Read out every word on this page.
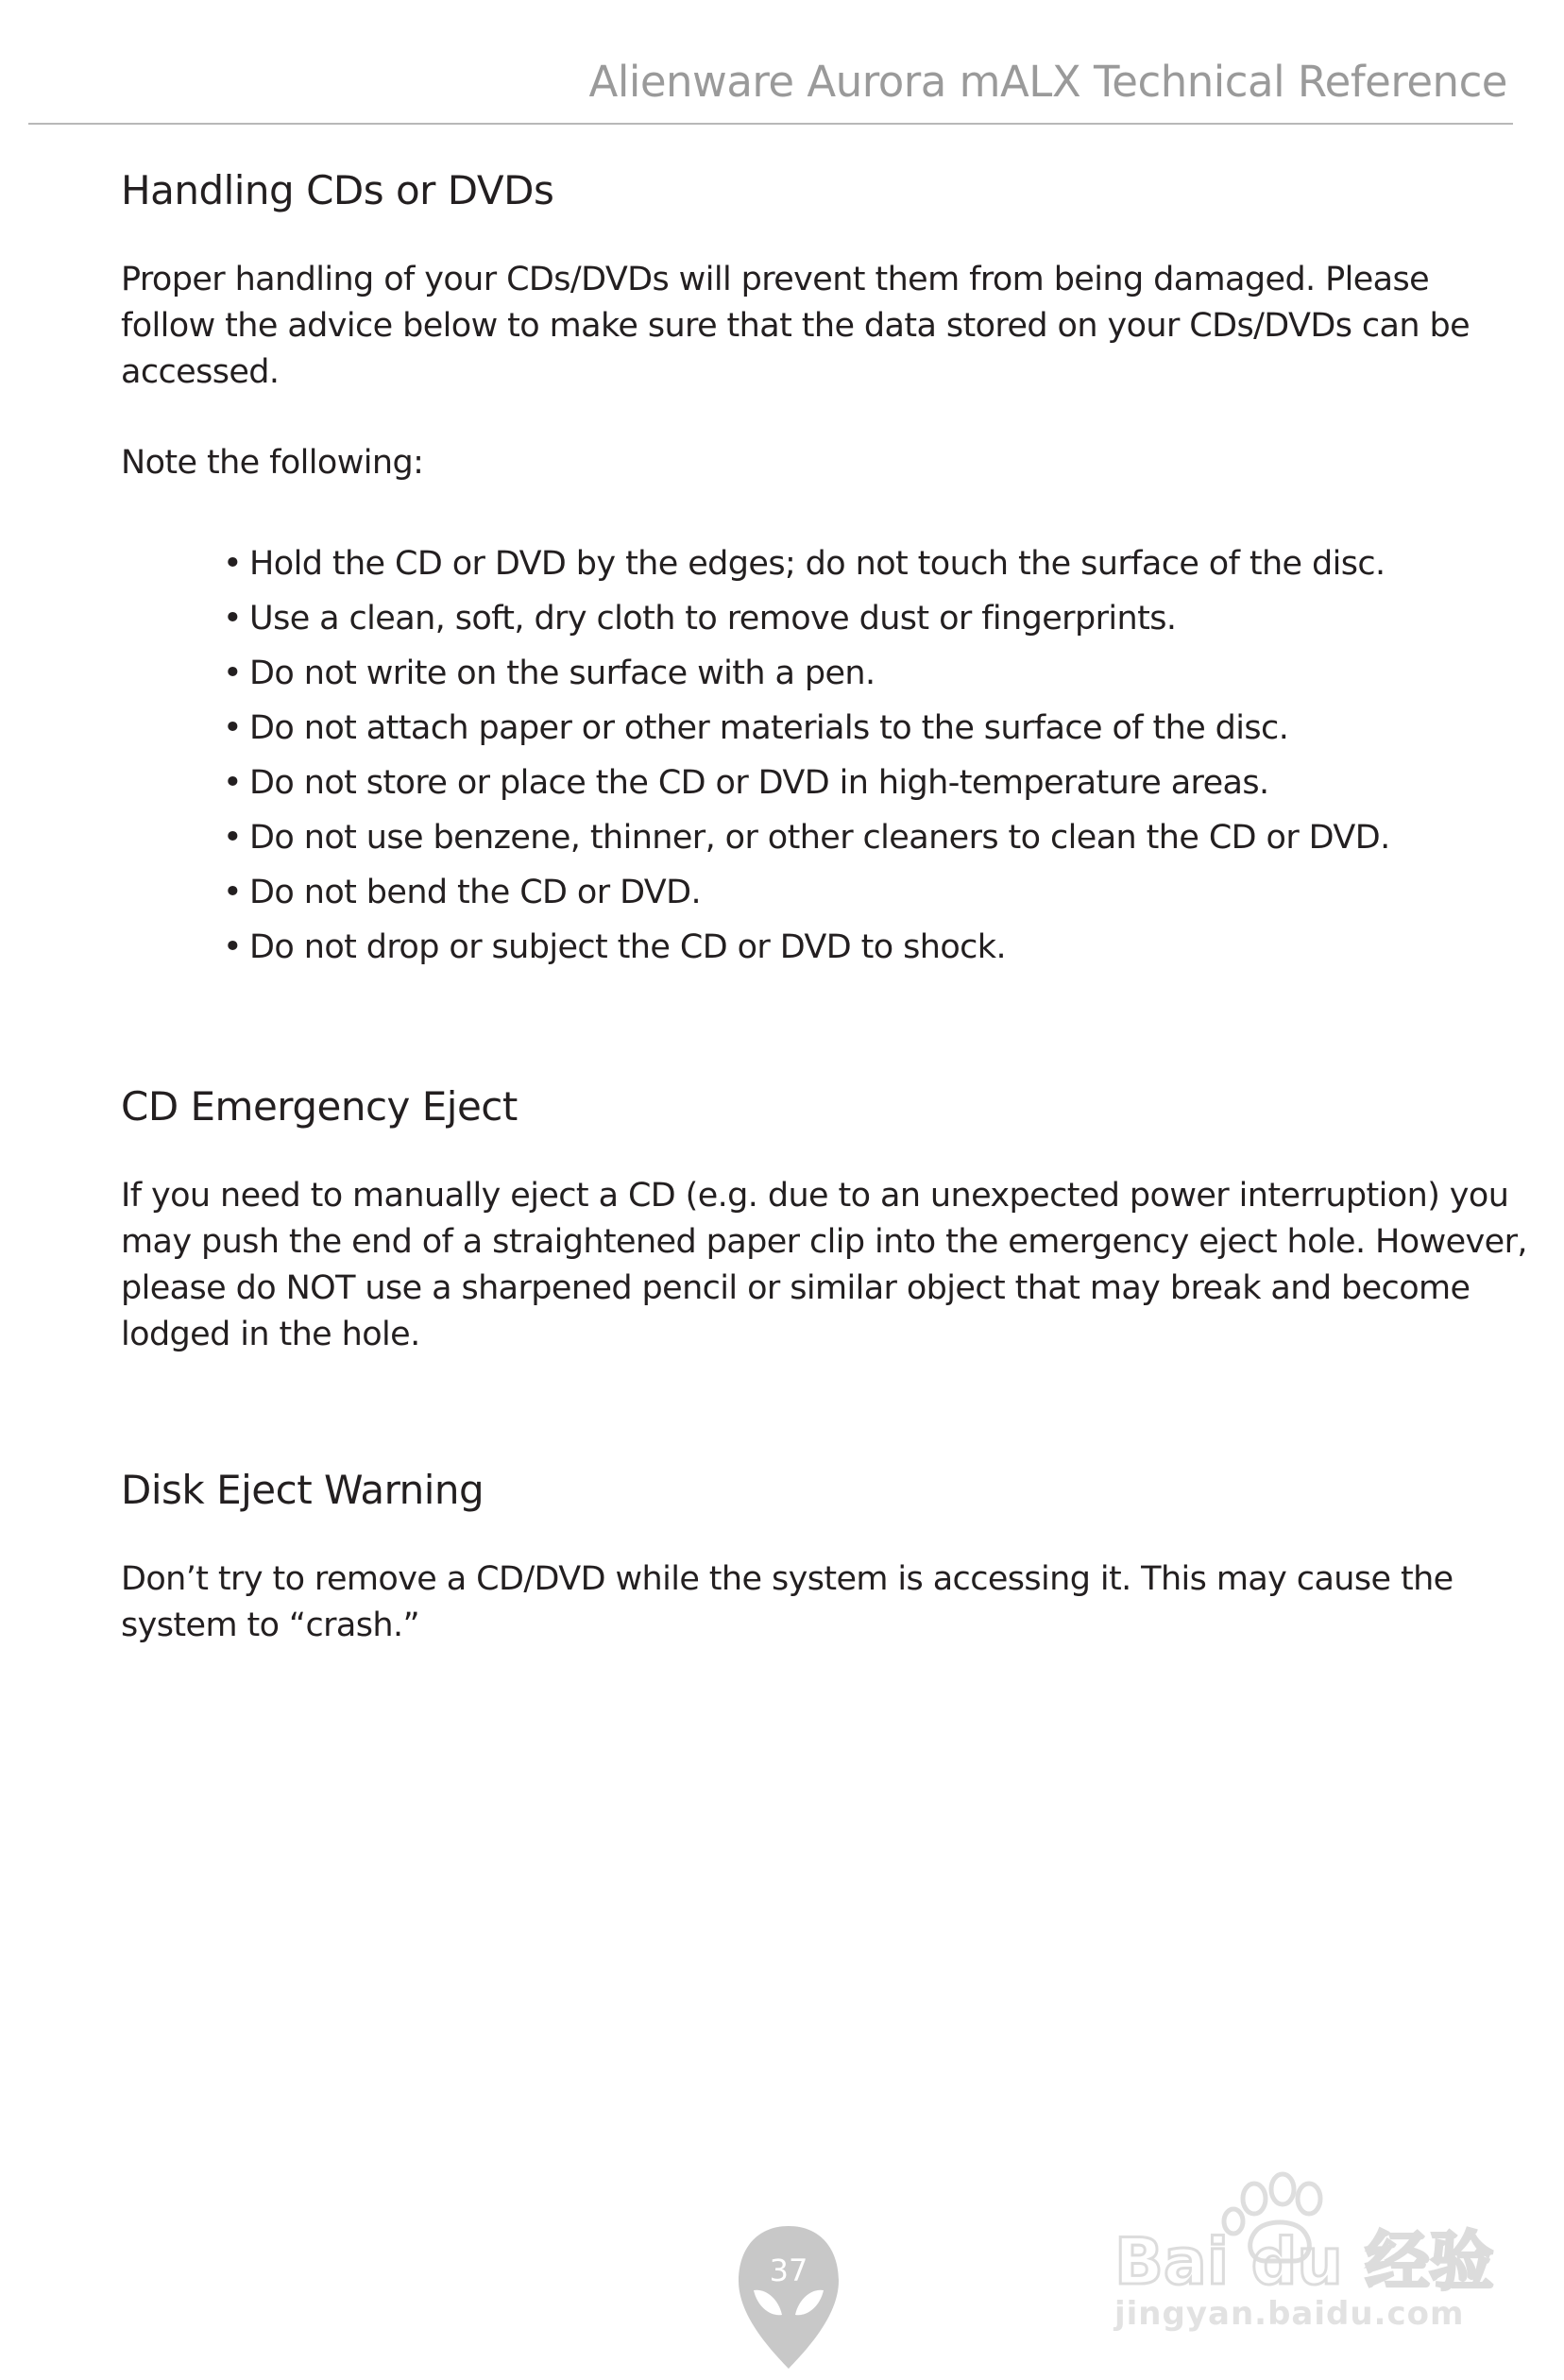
Alienware Aurora mALX Technical Reference
Handling CDs or DVDs

Proper handling of your CDs/DVDs will prevent them from being damaged. Please follow the advice below to make sure that the data stored on your CDs/DVDs can be accessed.

Note the following:

• Hold the CD or DVD by the edges; do not touch the surface of the disc.
• Use a clean, soft, dry cloth to remove dust or fingerprints.
• Do not write on the surface with a pen.
• Do not attach paper or other materials to the surface of the disc.
• Do not store or place the CD or DVD in high-temperature areas.
• Do not use benzene, thinner, or other cleaners to clean the CD or DVD.
• Do not bend the CD or DVD.
• Do not drop or subject the CD or DVD to shock.
CD Emergency Eject

If you need to manually eject a CD (e.g. due to an unexpected power interruption) you may push the end of a straightened paper clip into the emergency eject hole. However, please do NOT use a sharpened pencil or similar object that may break and become lodged in the hole.

Disk Eject Warning

Don’t try to remove a CD/DVD while the system is accessing it. This may cause the system to “crash.”

37	Bai du 经验
jingyan.baidu.com
